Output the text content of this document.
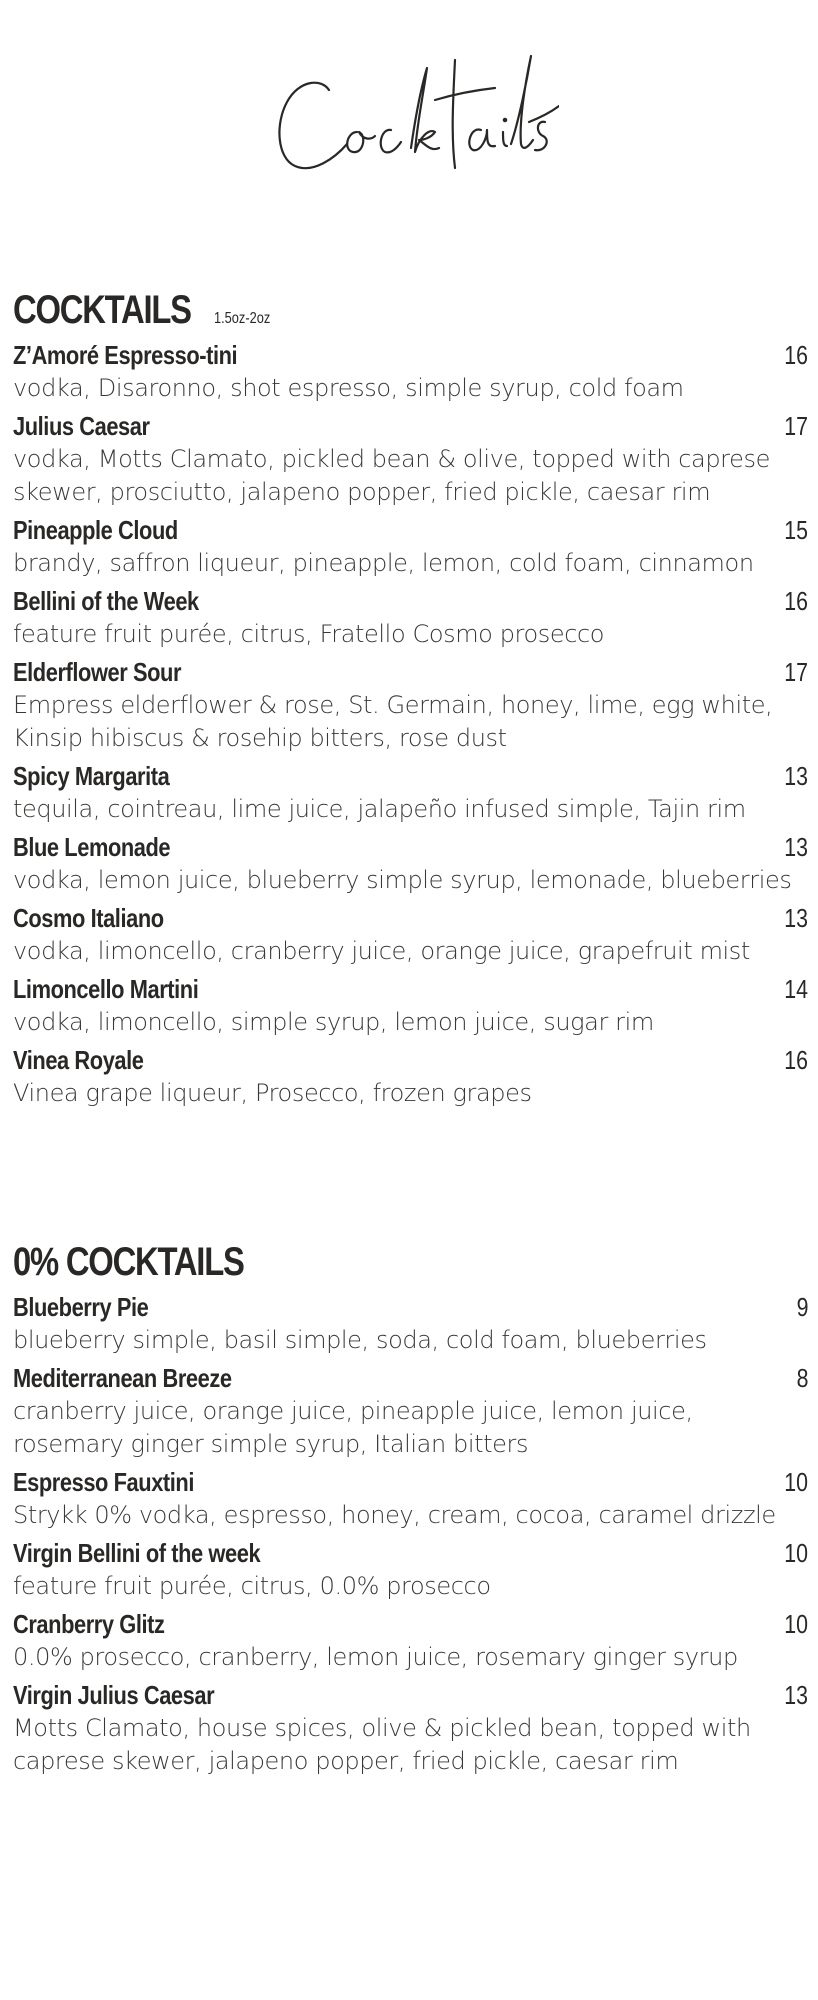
Cocktails
COCKTAILS 1.5oz-2oz
Z’Amoré Espresso-tini	16
vodka, Disaronno, shot espresso, simple syrup, cold foam
Julius Caesar	17
vodka, Motts Clamato, pickled bean & olive, topped with caprese skewer, prosciutto, jalapeno popper, fried pickle, caesar rim
Pineapple Cloud	15
brandy, saffron liqueur, pineapple, lemon, cold foam, cinnamon
Bellini of the Week	16
feature fruit purée, citrus, Fratello Cosmo prosecco
Elderflower Sour	17
Empress elderflower & rose, St. Germain, honey, lime, egg white, Kinsip hibiscus & rosehip bitters, rose dust
Spicy Margarita	13
tequila, cointreau, lime juice, jalapeño infused simple, Tajin rim
Blue Lemonade	13
vodka, lemon juice, blueberry simple syrup, lemonade, blueberries
Cosmo Italiano	13
vodka, limoncello, cranberry juice, orange juice, grapefruit mist
Limoncello Martini	14
vodka, limoncello, simple syrup, lemon juice, sugar rim
Vinea Royale	16
Vinea grape liqueur, Prosecco, frozen grapes
0% COCKTAILS
Blueberry Pie	9
blueberry simple, basil simple, soda, cold foam, blueberries
Mediterranean Breeze	8
cranberry juice, orange juice, pineapple juice, lemon juice, rosemary ginger simple syrup, Italian bitters
Espresso Fauxtini	10
Strykk 0% vodka, espresso, honey, cream, cocoa, caramel drizzle
Virgin Bellini of the week	10
feature fruit purée, citrus, 0.0% prosecco
Cranberry Glitz	10
0.0% prosecco, cranberry, lemon juice, rosemary ginger syrup
Virgin Julius Caesar	13
Motts Clamato, house spices, olive & pickled bean, topped with caprese skewer, jalapeno popper, fried pickle, caesar rim
